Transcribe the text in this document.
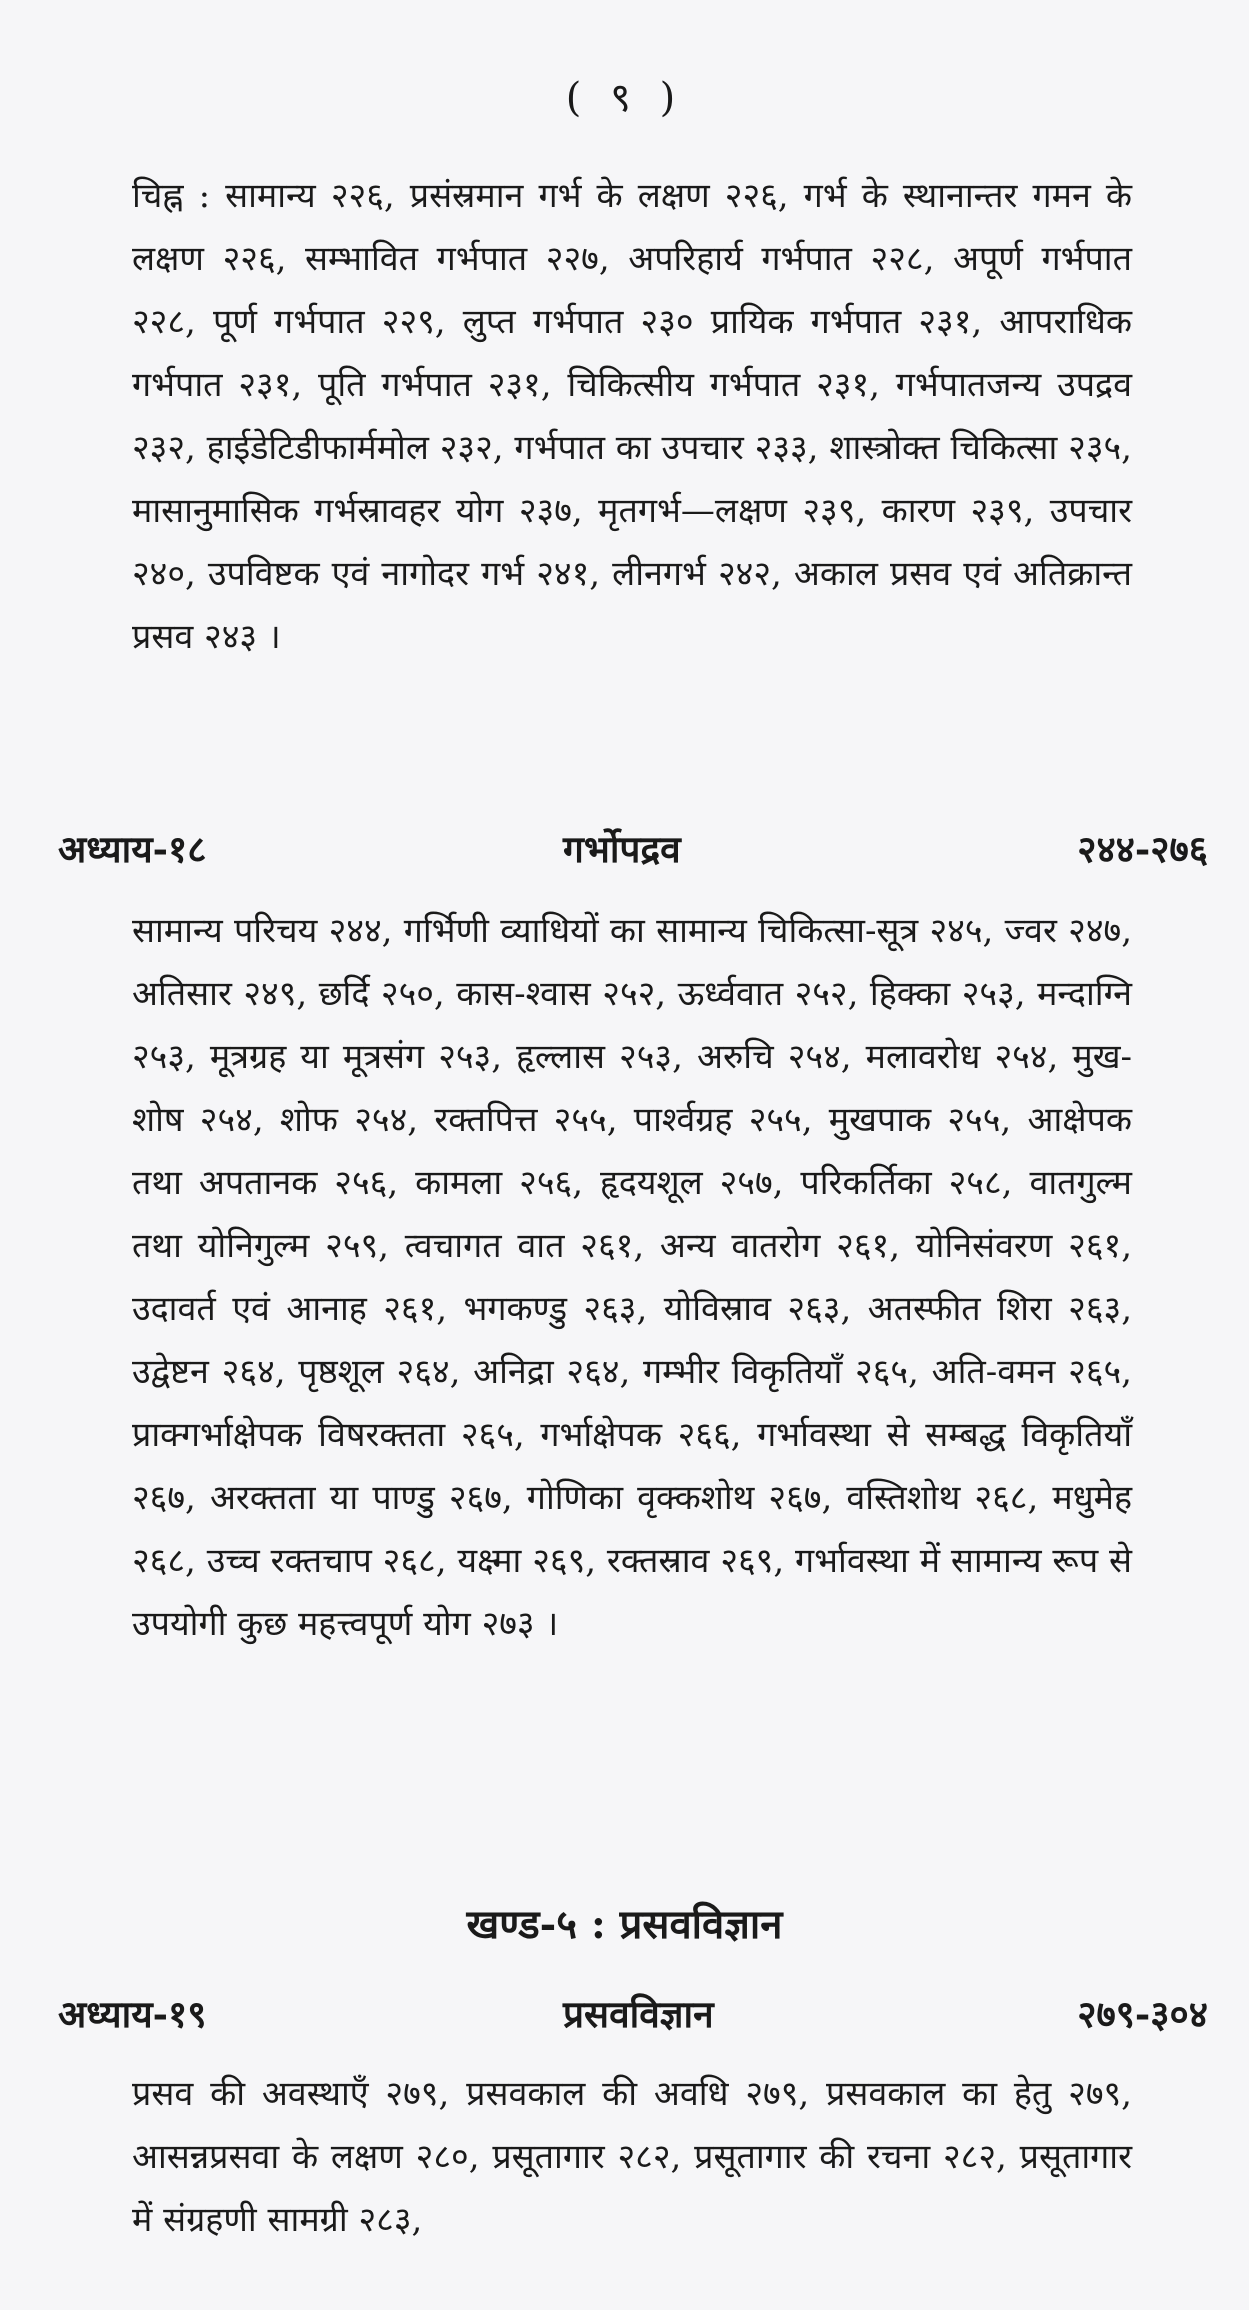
( ९ )
चिह्न : सामान्य २२६, प्रसंस्रमान गर्भ के लक्षण २२६, गर्भ के स्थानान्तर गमन के लक्षण २२६, सम्भावित गर्भपात २२७, अपरिहार्य गर्भपात २२८, अपूर्ण गर्भपात २२८, पूर्ण गर्भपात २२९, लुप्त गर्भपात २३० प्रायिक गर्भपात २३१, आपराधिक गर्भपात २३१, पूति गर्भपात २३१, चिकित्सीय गर्भपात २३१, गर्भपातजन्य उपद्रव २३२, हाईडेटिडीफार्ममोल २३२, गर्भपात का उपचार २३३, शास्त्रोक्त चिकित्सा २३५, मासानुमासिक गर्भस्रावहर योग २३७, मृतगर्भ—लक्षण २३९, कारण २३९, उपचार २४०, उपविष्टक एवं नागोदर गर्भ २४१, लीनगर्भ २४२, अकाल प्रसव एवं अतिक्रान्त प्रसव २४३ ।
अध्याय-१८	गर्भोपद्रव	२४४-२७६
सामान्य परिचय २४४, गर्भिणी व्याधियों का सामान्य चिकित्सा-सूत्र २४५, ज्वर २४७, अतिसार २४९, छर्दि २५०, कास-श्वास २५२, ऊर्ध्ववात २५२, हिक्का २५३, मन्दाग्नि २५३, मूत्रग्रह या मूत्रसंग २५३, हृल्लास २५३, अरुचि २५४, मलावरोध २५४, मुख-शोष २५४, शोफ २५४, रक्तपित्त २५५, पार्श्वग्रह २५५, मुखपाक २५५, आक्षेपक तथा अपतानक २५६, कामला २५६, हृदयशूल २५७, परिकर्तिका २५८, वातगुल्म तथा योनिगुल्म २५९, त्वचागत वात २६१, अन्य वातरोग २६१, योनिसंवरण २६१, उदावर्त एवं आनाह २६१, भगकण्डु २६३, योविस्राव २६३, अतस्फीत शिरा २६३, उद्वेष्टन २६४, पृष्ठशूल २६४, अनिद्रा २६४, गम्भीर विकृतियाँ २६५, अति-वमन २६५, प्राक्गर्भाक्षेपक विषरक्तता २६५, गर्भाक्षेपक २६६, गर्भावस्था से सम्बद्ध विकृतियाँ २६७, अरक्तता या पाण्डु २६७, गोणिका वृक्कशोथ २६७, वस्तिशोथ २६८, मधुमेह २६८, उच्च रक्तचाप २६८, यक्ष्मा २६९, रक्तस्राव २६९, गर्भावस्था में सामान्य रूप से उपयोगी कुछ महत्त्वपूर्ण योग २७३ ।
खण्ड-५ : प्रसवविज्ञान
अध्याय-१९	प्रसवविज्ञान	२७९-३०४
प्रसव की अवस्थाएँ २७९, प्रसवकाल की अवधि २७९, प्रसवकाल का हेतु २७९, आसन्नप्रसवा के लक्षण २८०, प्रसूतागार २८२, प्रसूतागार की रचना २८२, प्रसूतागार में संग्रहणी सामग्री २८३,
